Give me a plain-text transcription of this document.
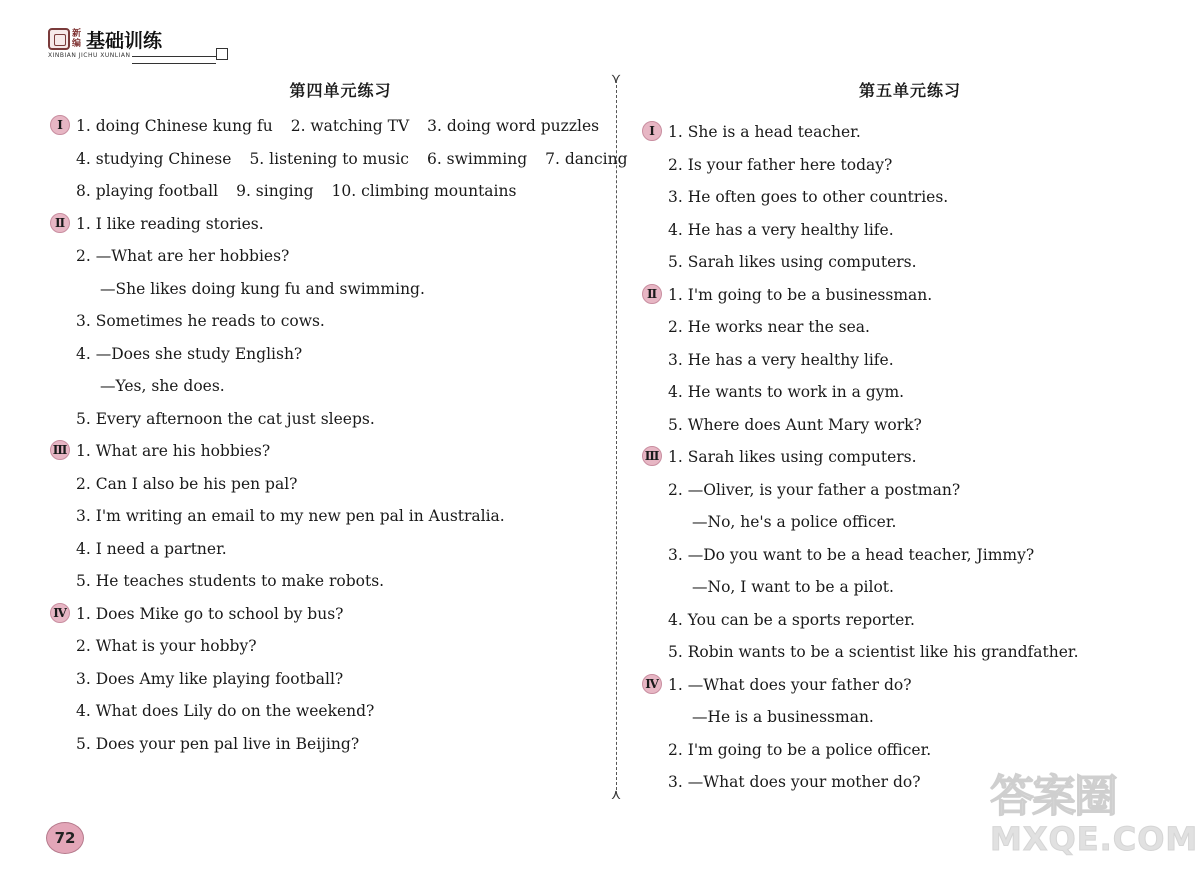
新编 基础训练
XINBIAN JICHU XUNLIAN
第四单元练习
Ⅰ 1. doing Chinese kung fu 2. watching TV 3. doing word puzzles
4. studying Chinese 5. listening to music 6. swimming 7. dancing
8. playing football 9. singing 10. climbing mountains
Ⅱ 1. I like reading stories.
2. —What are her hobbies?
—She likes doing kung fu and swimming.
3. Sometimes he reads to cows.
4. —Does she study English?
—Yes, she does.
5. Every afternoon the cat just sleeps.
Ⅲ 1. What are his hobbies?
2. Can I also be his pen pal?
3. I'm writing an email to my new pen pal in Australia.
4. I need a partner.
5. He teaches students to make robots.
Ⅳ 1. Does Mike go to school by bus?
2. What is your hobby?
3. Does Amy like playing football?
4. What does Lily do on the weekend?
5. Does your pen pal live in Beijing?
⋎
⋏
第五单元练习
Ⅰ 1. She is a head teacher.
2. Is your father here today?
3. He often goes to other countries.
4. He has a very healthy life.
5. Sarah likes using computers.
Ⅱ 1. I'm going to be a businessman.
2. He works near the sea.
3. He has a very healthy life.
4. He wants to work in a gym.
5. Where does Aunt Mary work?
Ⅲ 1. Sarah likes using computers.
2. —Oliver, is your father a postman?
—No, he's a police officer.
3. —Do you want to be a head teacher, Jimmy?
—No, I want to be a pilot.
4. You can be a sports reporter.
5. Robin wants to be a scientist like his grandfather.
Ⅳ 1. —What does your father do?
—He is a businessman.
2. I'm going to be a police officer.
3. —What does your mother do?
72
答案圈
MXQE.COM
